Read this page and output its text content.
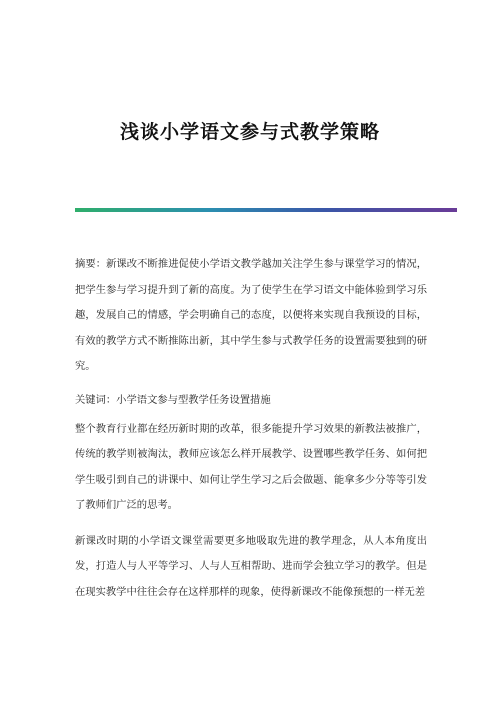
浅谈小学语文参与式教学策略

摘要：新课改不断推进促使小学语文教学越加关注学生参与课堂学习的情况，把学生参与学习提升到了新的高度。为了使学生在学习语文中能体验到学习乐趣，发展自己的情感，学会明确自己的态度，以便将来实现自我预设的目标，有效的教学方式不断推陈出新，其中学生参与式教学任务的设置需要独到的研究。

关键词：小学语文参与型教学任务设置措施

整个教育行业都在经历新时期的改革，很多能提升学习效果的新教法被推广，传统的教学则被淘汰，教师应该怎么样开展教学、设置哪些教学任务、如何把学生吸引到自己的讲课中、如何让学生学习之后会做题、能拿多少分等等引发了教师们广泛的思考。

新课改时期的小学语文课堂需要更多地吸取先进的教学理念，从人本角度出发，打造人与人平等学习、人与人互相帮助、进而学会独立学习的教学。但是在现实教学中往往会存在这样那样的现象，使得新课改不能像预想的一样无差
